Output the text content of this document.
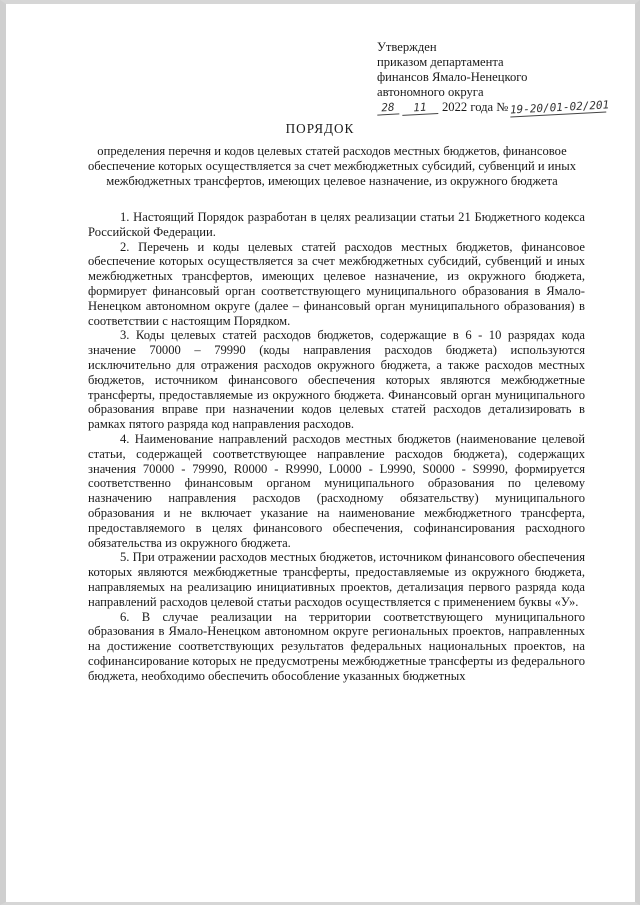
Утвержден
приказом департамента
финансов Ямало-Ненецкого
автономного округа
28 11 2022 года № 19-20/01-02/201
ПОРЯДОК
определения перечня и кодов целевых статей расходов местных бюджетов, финансовое обеспечение которых осуществляется за счет межбюджетных субсидий, субвенций и иных межбюджетных трансфертов, имеющих целевое назначение, из окружного бюджета

1. Настоящий Порядок разработан в целях реализации статьи 21 Бюджетного кодекса Российской Федерации.

2. Перечень и коды целевых статей расходов местных бюджетов, финансовое обеспечение которых осуществляется за счет межбюджетных субсидий, субвенций и иных межбюджетных трансфертов, имеющих целевое назначение, из окружного бюджета, формирует финансовый орган соответствующего муниципального образования в Ямало-Ненецком автономном округе (далее – финансовый орган муниципального образования) в соответствии с настоящим Порядком.

3. Коды целевых статей расходов бюджетов, содержащие в 6 - 10 разрядах кода значение 70000 – 79990 (коды направления расходов бюджета) используются исключительно для отражения расходов окружного бюджета, а также расходов местных бюджетов, источником финансового обеспечения которых являются межбюджетные трансферты, предоставляемые из окружного бюджета. Финансовый орган муниципального образования вправе при назначении кодов целевых статей расходов детализировать в рамках пятого разряда код направления расходов.

4. Наименование направлений расходов местных бюджетов (наименование целевой статьи, содержащей соответствующее направление расходов бюджета), содержащих значения 70000 - 79990, R0000 - R9990, L0000 - L9990, S0000 - S9990, формируется соответственно финансовым органом муниципального образования по целевому назначению направления расходов (расходному обязательству) муниципального образования и не включает указание на наименование межбюджетного трансферта, предоставляемого в целях финансового обеспечения, софинансирования расходного обязательства из окружного бюджета.

5. При отражении расходов местных бюджетов, источником финансового обеспечения которых являются межбюджетные трансферты, предоставляемые из окружного бюджета, направляемых на реализацию инициативных проектов, детализация первого разряда кода направлений расходов целевой статьи расходов осуществляется с применением буквы «У».

6. В случае реализации на территории соответствующего муниципального образования в Ямало-Ненецком автономном округе региональных проектов, направленных на достижение соответствующих результатов федеральных национальных проектов, на софинансирование которых не предусмотрены межбюджетные трансферты из федерального бюджета, необходимо обеспечить обособление указанных бюджетных
